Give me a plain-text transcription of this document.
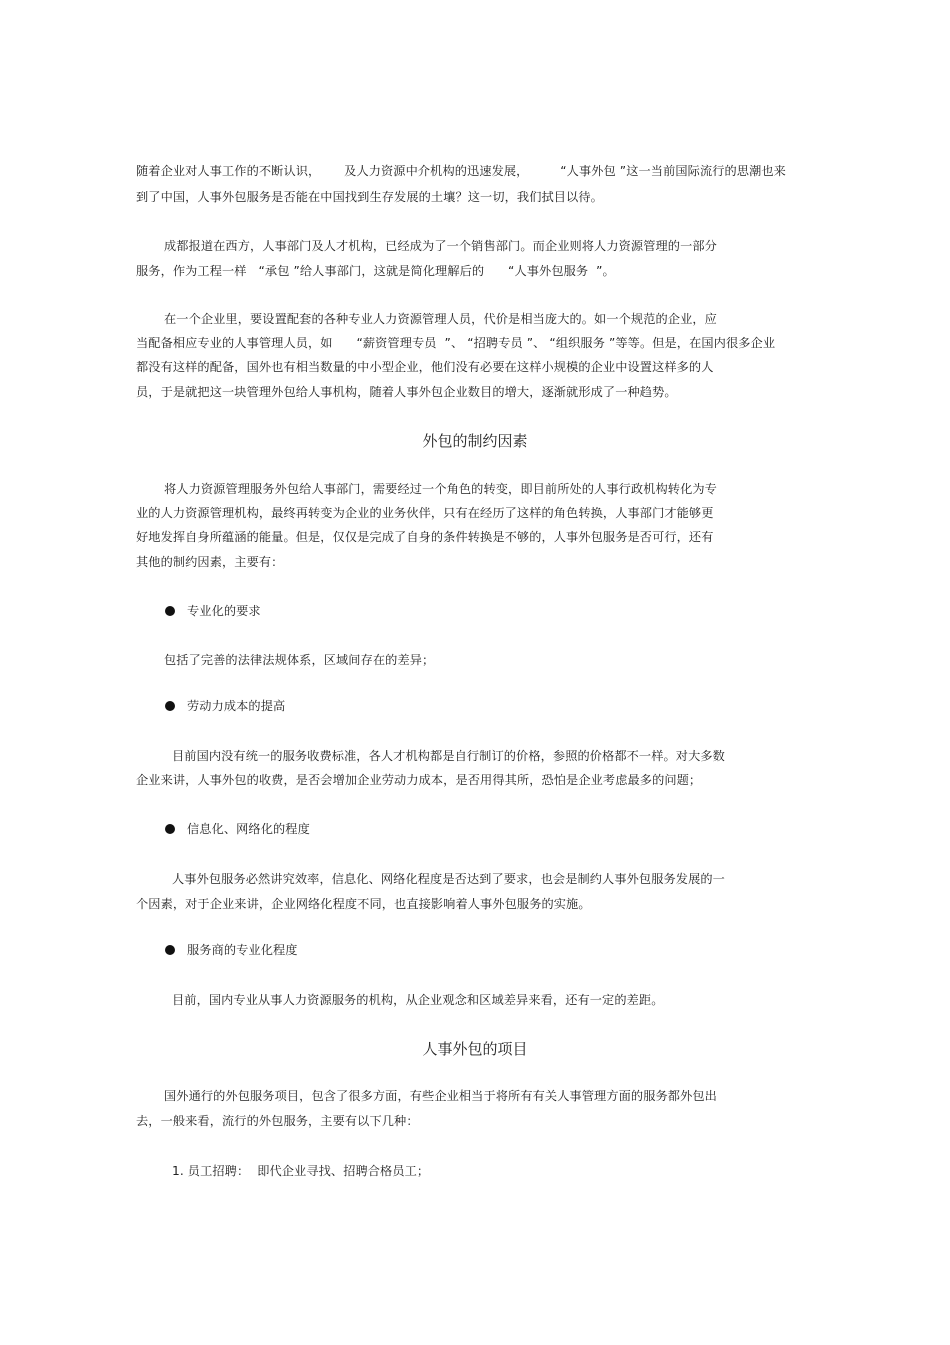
随着企业对人事工作的不断认识，      及人力资源中介机构的迅速发展，        “人事外包 ”这一当前国际流行的思潮也来
到了中国，人事外包服务是否能在中国找到生存发展的土壤？这一切，我们拭目以待。
成都报道在西方，人事部门及人才机构，已经成为了一个销售部门。而企业则将人力资源管理的一部分
服务，作为工程一样   “承包 ”给人事部门，这就是简化理解后的      “人事外包服务  ”。
在一个企业里，要设置配套的各种专业人力资源管理人员，代价是相当庞大的。如一个规范的企业，应
当配备相应专业的人事管理人员，如      “薪资管理专员  ”、 “招聘专员 ”、 “组织服务 ”等等。但是，在国内很多企业
都没有这样的配备，国外也有相当数量的中小型企业，他们没有必要在这样小规模的企业中设置这样多的人
员，于是就把这一块管理外包给人事机构，随着人事外包企业数目的增大，逐渐就形成了一种趋势。
外包的制约因素
将人力资源管理服务外包给人事部门，需要经过一个角色的转变，即目前所处的人事行政机构转化为专
业的人力资源管理机构，最终再转变为企业的业务伙伴，只有在经历了这样的角色转换，人事部门才能够更
好地发挥自身所蕴涵的能量。但是，仅仅是完成了自身的条件转换是不够的，人事外包服务是否可行，还有
其他的制约因素，主要有：
专业化的要求
包括了完善的法律法规体系，区域间存在的差异；
劳动力成本的提高
目前国内没有统一的服务收费标准，各人才机构都是自行制订的价格，参照的价格都不一样。对大多数
企业来讲，人事外包的收费，是否会增加企业劳动力成本，是否用得其所，恐怕是企业考虑最多的问题；
信息化、网络化的程度
人事外包服务必然讲究效率，信息化、网络化程度是否达到了要求，也会是制约人事外包服务发展的一
个因素，对于企业来讲，企业网络化程度不同，也直接影响着人事外包服务的实施。
服务商的专业化程度
目前，国内专业从事人力资源服务的机构，从企业观念和区域差异来看，还有一定的差距。
人事外包的项目
国外通行的外包服务项目，包含了很多方面，有些企业相当于将所有有关人事管理方面的服务都外包出
去，一般来看，流行的外包服务，主要有以下几种：
1. 员工招聘：  即代企业寻找、招聘合格员工；
